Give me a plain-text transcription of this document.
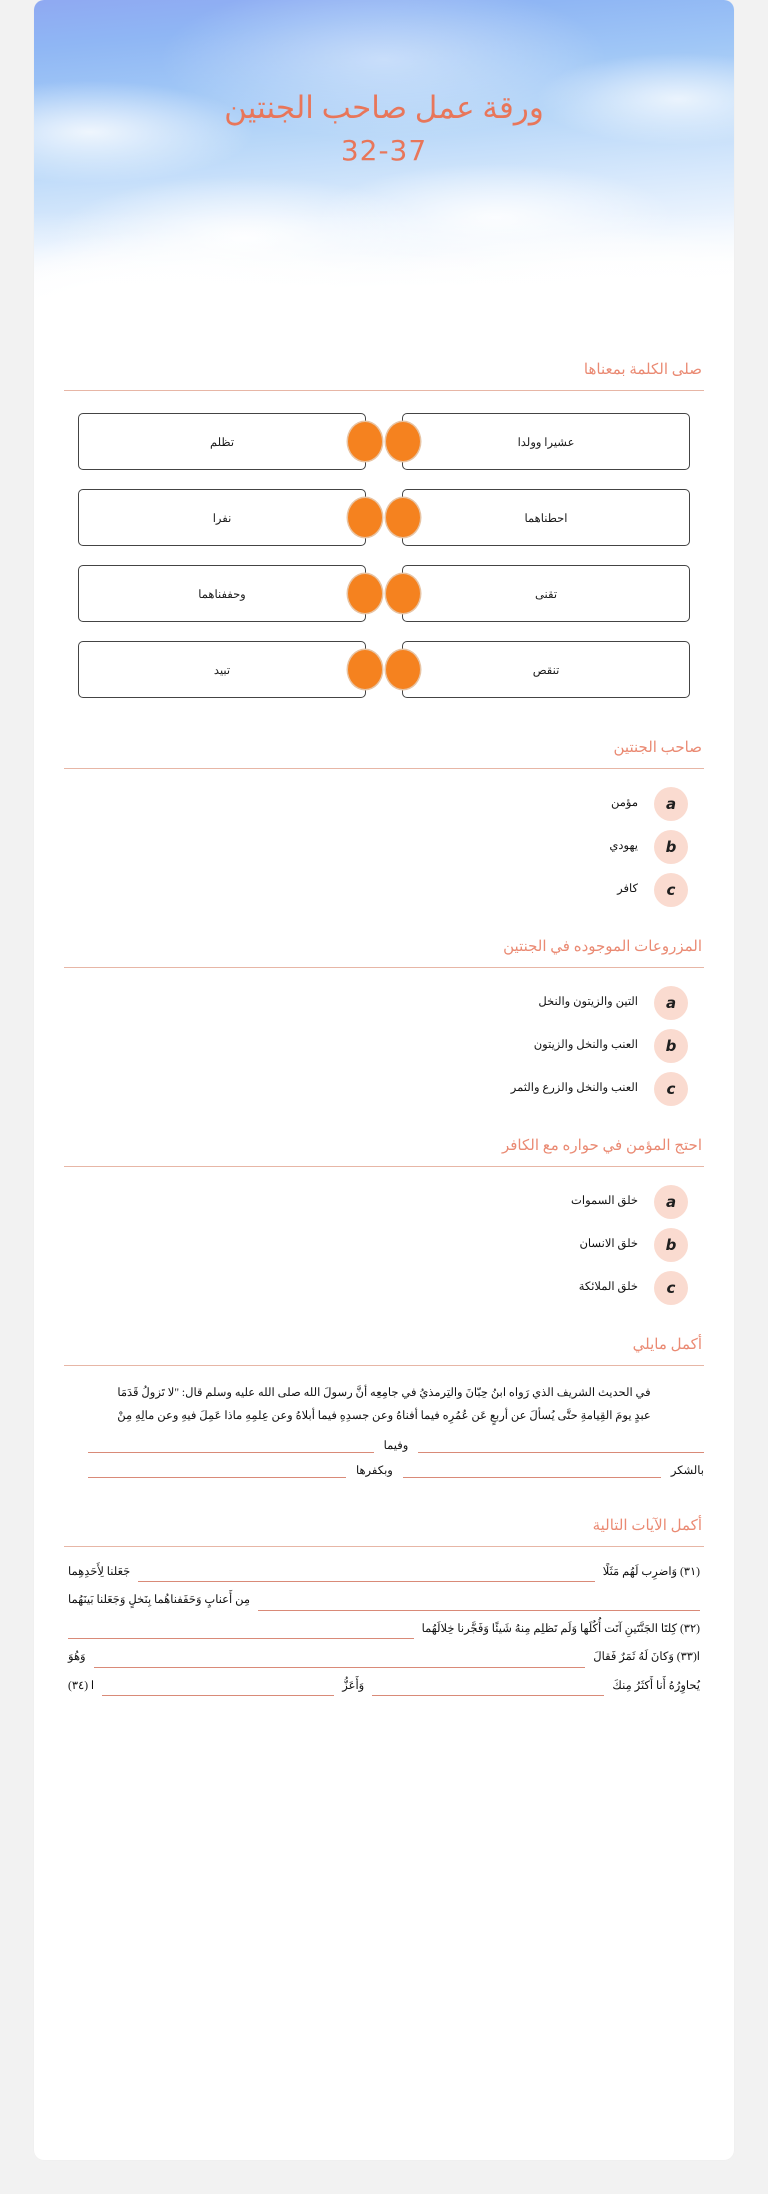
ورقة عمل صاحب الجنتين
32-37
صلى الكلمة بمعناها
عشيرا وولدا
تظلم
احطناهما
نفرا
تقنى
وحففناهما
تنقص
تبيد
صاحب الجنتين
a
مؤمن
b
يهودي
c
كافر
المزروعات الموجوده في الجنتين
a
التين والزيتون والنخل
b
العنب والنخل والزيتون
c
العنب والنخل والزرع والثمر
احتج المؤمن في حواره مع الكافر
a
خلق السموات
b
خلق الانسان
c
خلق الملائكة
أكمل مايلي
في الحديث الشريف الذي رَواه ابنُ حِبّانَ والتِرمذيُ في جامِعِه أنَّ رسولَ الله صلى الله عليه وسلم قال: "لا تَزولُ قَدَمَا
عبدٍ يومَ القِيامةِ حتَّى يُسألَ عن أربعٍ عَن عُمُرِه فيما أفناهُ وعن جسدِهِ فيما أبلاهُ وعن عِلمِهِ ماذا عَمِلَ فيهِ وعن مالِهِ مِنْ
وفيما
بالشكر
وبكفرها
أكمل الآيات التالية
(٣١) وَاضرِب لَهُم مَثَلًا
جَعَلنا لِأَحَدِهِما
مِن أَعنابٍ وَحَفَفناهُما بِنَخلٍ وَجَعَلنا بَينَهُما
(٣٢) كِلتَا الجَنَّتَينِ آتَت أُكُلَها وَلَم تَظلِم مِنهُ شَيئًا وَفَجَّرنا خِلالَهُما
ا(٣٣) وَكانَ لَهُ ثَمَرٌ فَقالَ
وَهُوَ
يُحاوِرُهُ أَنا أَكثَرُ مِنكَ
وَأَعَزُّ
ا (٣٤)
